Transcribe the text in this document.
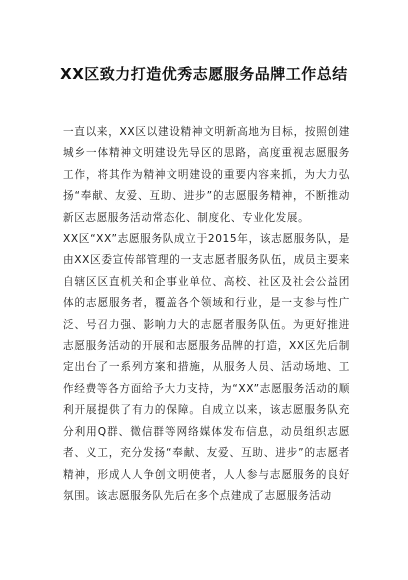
XX区致力打造优秀志愿服务品牌工作总结

一直以来，XX区以建设精神文明新高地为目标，按照创建城乡一体精神文明建设先导区的思路，高度重视志愿服务工作，将其作为精神文明建设的重要内容来抓，为大力弘扬“奉献、友爱、互助、进步”的志愿服务精神，不断推动新区志愿服务活动常态化、制度化、专业化发展。

XX区“XX”志愿服务队成立于2015年，该志愿服务队，是由XX区委宣传部管理的一支志愿者服务队伍，成员主要来自辖区区直机关和企事业单位、高校、社区及社会公益团体的志愿服务者，覆盖各个领域和行业，是一支参与性广泛、号召力强、影响力大的志愿者服务队伍。为更好推进志愿服务活动的开展和志愿服务品牌的打造，XX区先后制定出台了一系列方案和措施，从服务人员、活动场地、工作经费等各方面给予大力支持，为“XX”志愿服务活动的顺利开展提供了有力的保障。自成立以来，该志愿服务队充分利用Q群、微信群等网络媒体发布信息，动员组织志愿者、义工，充分发扬“奉献、友爱、互助、进步”的志愿者精神，形成人人争创文明使者，人人参与志愿服务的良好氛围。该志愿服务队先后在多个点建成了志愿服务活动
